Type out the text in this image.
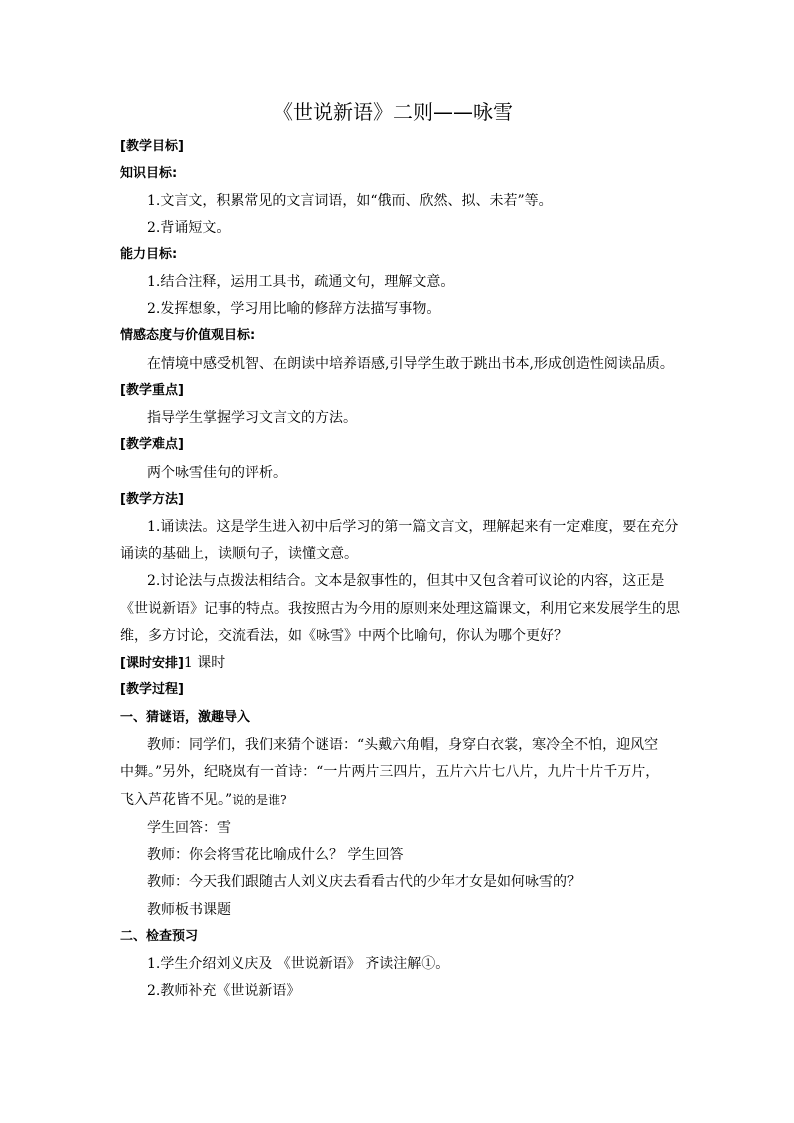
《世说新语》二则——咏雪
[教学目标]
知识目标:
1.文言文，积累常见的文言词语，如“俄而、欣然、拟、未若”等。
2.背诵短文。
能力目标:
1.结合注释，运用工具书，疏通文句，理解文意。
2.发挥想象，学习用比喻的修辞方法描写事物。
情感态度与价值观目标:
在情境中感受机智、在朗读中培养语感,引导学生敢于跳出书本,形成创造性阅读品质。
[教学重点]
指导学生掌握学习文言文的方法。
[教学难点]
两个咏雪佳句的评析。
[教学方法]
1.诵读法。这是学生进入初中后学习的第一篇文言文，理解起来有一定难度，要在充分
诵读的基础上，读顺句子，读懂文意。
2.讨论法与点拨法相结合。文本是叙事性的，但其中又包含着可议论的内容，这正是
《世说新语》记事的特点。我按照古为今用的原则来处理这篇课文，利用它来发展学生的思
维，多方讨论，交流看法，如《咏雪》中两个比喻句，你认为哪个更好？
[课时安排]1 课时
[教学过程]
一、猜谜语，激趣导入
教师：同学们，我们来猜个谜语：“头戴六角帽，身穿白衣裳，寒冷全不怕，迎风空
中舞。”另外，纪晓岚有一首诗：“一片两片三四片，五片六片七八片，九片十片千万片，
飞入芦花皆不见。”说的是谁?
学生回答：雪
教师：你会将雪花比喻成什么？ 学生回答
教师：今天我们跟随古人刘义庆去看看古代的少年才女是如何咏雪的？
教师板书课题
二、检查预习
1.学生介绍刘义庆及 《世说新语》 齐读注解①。
2.教师补充《世说新语》
